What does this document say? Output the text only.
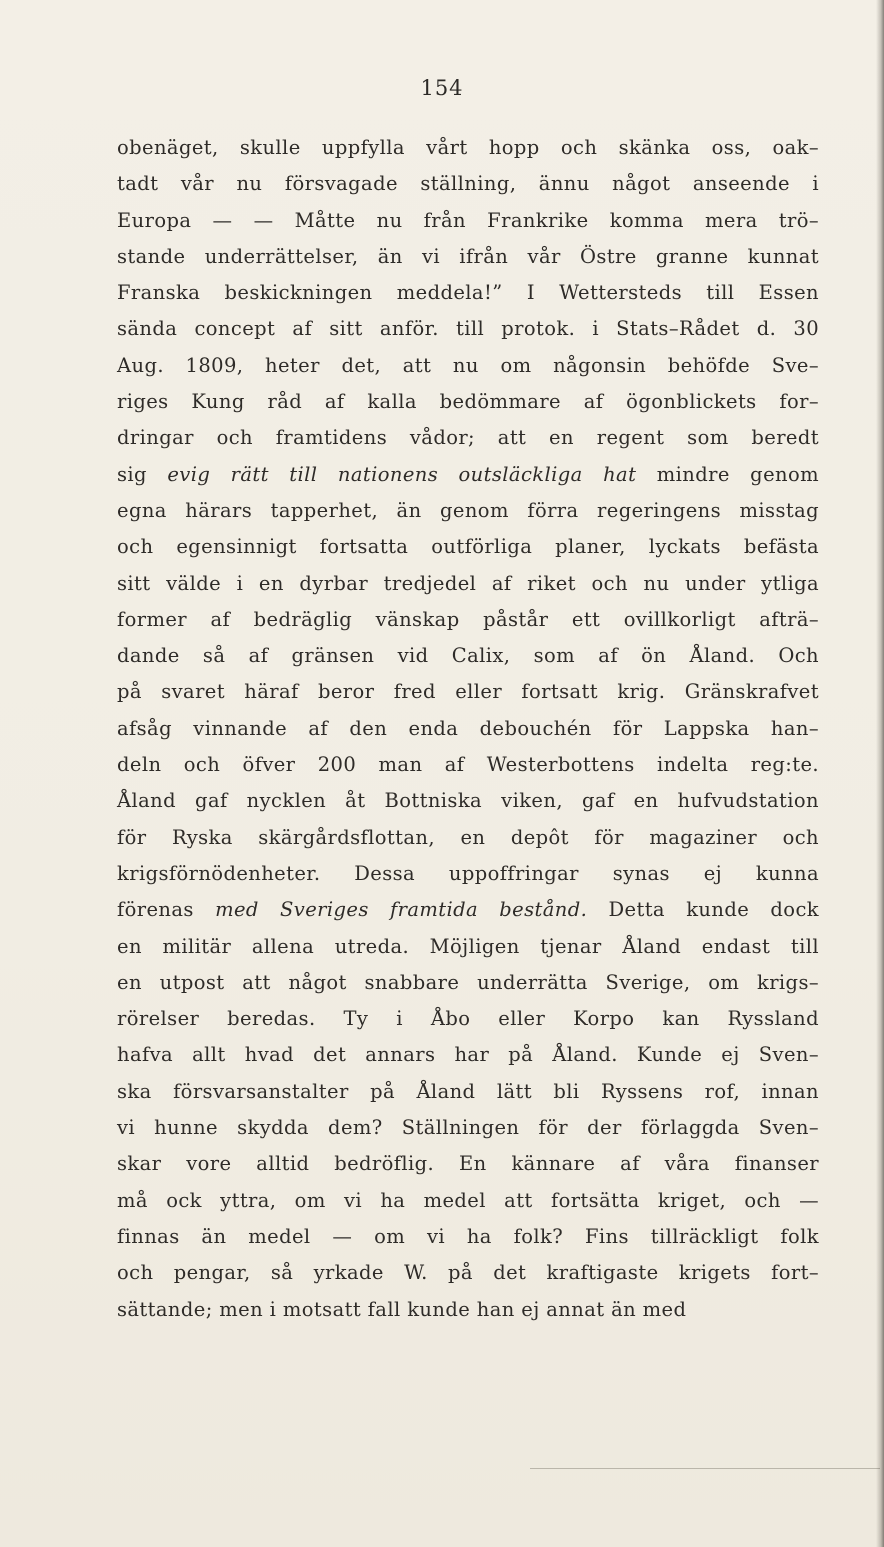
154
obenäget, skulle uppfylla vårt hopp och skänka oss, oak–
tadt vår nu försvagade ställning, ännu något anseende i
Europa — — Måtte nu från Frankrike komma mera trö–
stande underrättelser, än vi ifrån vår Östre granne kunnat
Franska beskickningen meddela!” I Wettersteds till Essen
sända concept af sitt anför. till protok. i Stats–Rådet d. 30
Aug. 1809, heter det, att nu om någonsin behöfde Sve–
riges Kung råd af kalla bedömmare af ögonblickets for–
dringar och framtidens vådor; att en regent som beredt
sig evig rätt till nationens outsläckliga hat mindre genom
egna härars tapperhet, än genom förra regeringens misstag
och egensinnigt fortsatta outförliga planer, lyckats befästa
sitt välde i en dyrbar tredjedel af riket och nu under ytliga
former af bedräglig vänskap påstår ett ovillkorligt afträ–
dande så af gränsen vid Calix, som af ön Åland. Och
på svaret häraf beror fred eller fortsatt krig. Gränskrafvet
afsåg vinnande af den enda debouchén för Lappska han–
deln och öfver 200 man af Westerbottens indelta reg:te.
Åland gaf nycklen åt Bottniska viken, gaf en hufvudstation
för Ryska skärgårdsflottan, en depôt för magaziner och
krigsförnödenheter. Dessa uppoffringar synas ej kunna
förenas med Sveriges framtida bestånd. Detta kunde dock
en militär allena utreda. Möjligen tjenar Åland endast till
en utpost att något snabbare underrätta Sverige, om krigs–
rörelser beredas. Ty i Åbo eller Korpo kan Ryssland
hafva allt hvad det annars har på Åland. Kunde ej Sven–
ska försvarsanstalter på Åland lätt bli Ryssens rof, innan
vi hunne skydda dem? Ställningen för der förlaggda Sven–
skar vore alltid bedröflig. En kännare af våra finanser
må ock yttra, om vi ha medel att fortsätta kriget, och —
finnas än medel — om vi ha folk? Fins tillräckligt folk
och pengar, så yrkade W. på det kraftigaste krigets fort–
sättande; men i motsatt fall kunde han ej annat än med
